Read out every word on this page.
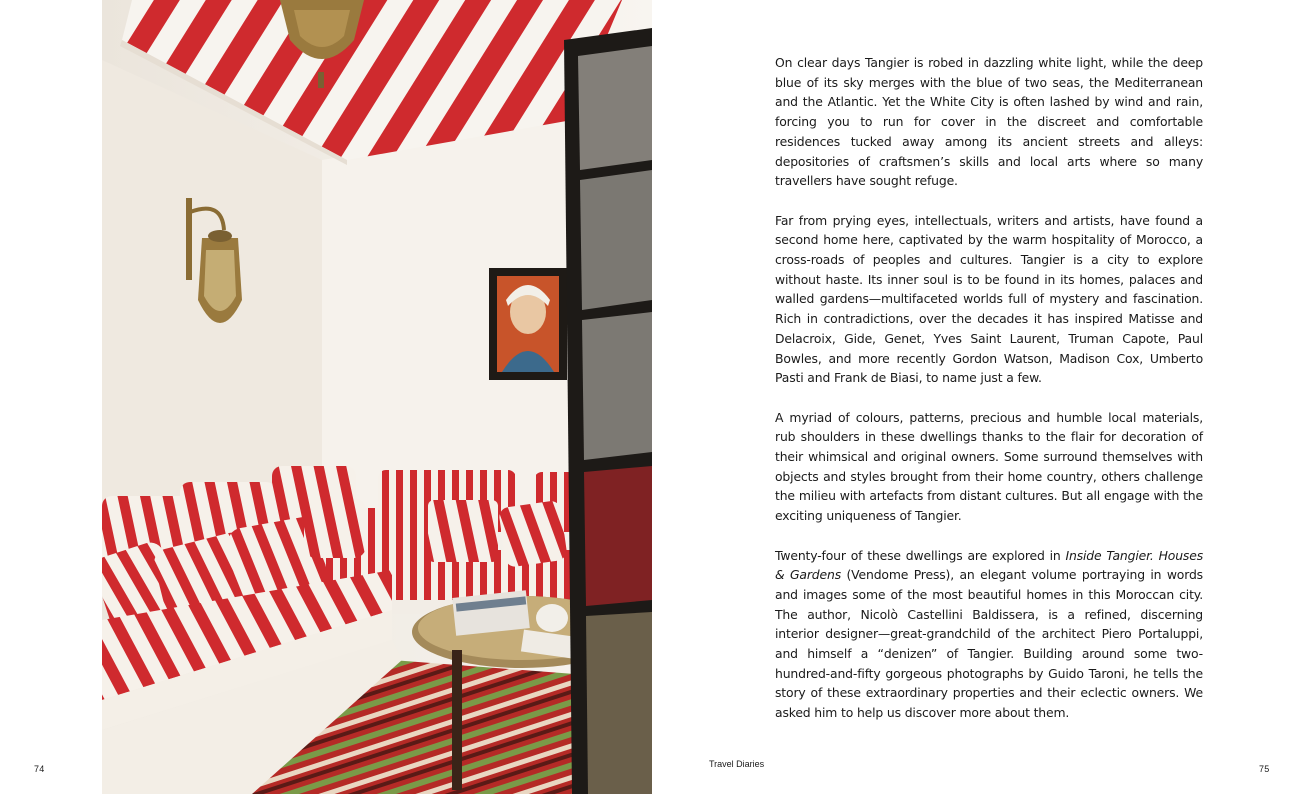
74	Travel Diaries	75

On clear days Tangier is robed in dazzling white light, while the deep blue of its sky merges with the blue of two seas, the Mediterranean and the Atlantic. Yet the White City is often lashed by wind and rain, forcing you to run for cover in the discreet and comfortable residences tucked away among its ancient streets and alleys: depositories of craftsmen’s skills and local arts where so many travellers have sought refuge.

Far from prying eyes, intellectuals, writers and artists, have found a second home here, captivated by the warm hospitality of Morocco, a cross-roads of peoples and cultures. Tangier is a city to explore without haste. Its inner soul is to be found in its homes, palaces and walled gardens—multifaceted worlds full of mystery and fascination. Rich in contradictions, over the decades it has inspired Matisse and Delacroix, Gide, Genet, Yves Saint Laurent, Truman Capote, Paul Bowles, and more recently Gordon Watson, Madison Cox, Umberto Pasti and Frank de Biasi, to name just a few.

A myriad of colours, patterns, precious and humble local materials, rub shoulders in these dwellings thanks to the flair for decoration of their whimsical and original owners. Some surround themselves with objects and styles brought from their home country, others challenge the milieu with artefacts from distant cultures. But all engage with the exciting uniqueness of Tangier.

Twenty-four of these dwellings are explored in Inside Tangier. Houses & Gardens (Vendome Press), an elegant volume portraying in words and images some of the most beautiful homes in this Moroccan city. The author, Nicolò Castellini Baldissera, is a refined, discerning interior designer—great-grandchild of the architect Piero Portaluppi, and himself a “denizen” of Tangier. Building around some two-hundred-and-fifty gorgeous photographs by Guido Taroni, he tells the story of these extraordinary properties and their eclectic owners. We asked him to help us discover more about them.
